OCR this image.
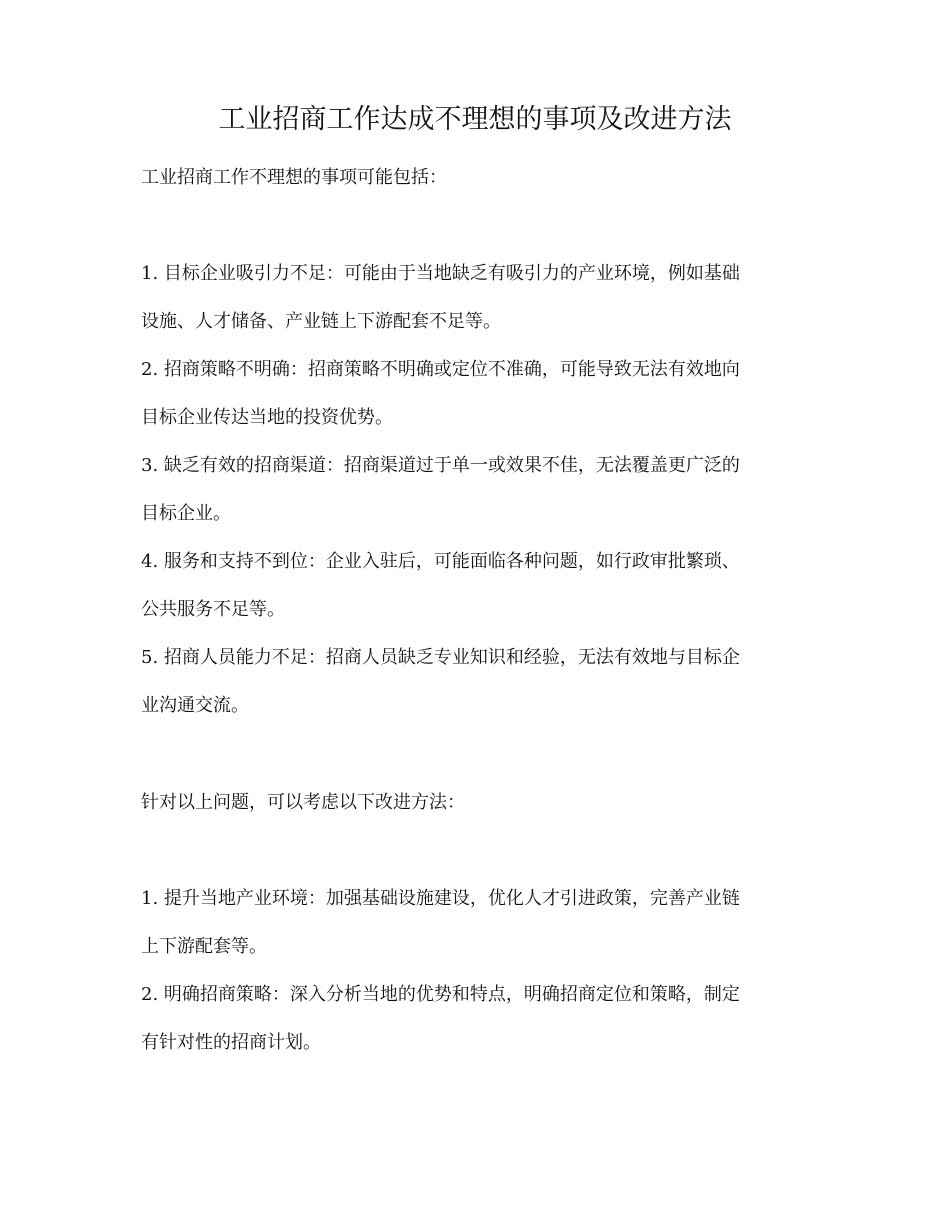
工业招商工作达成不理想的事项及改进方法
工业招商工作不理想的事项可能包括：
1. 目标企业吸引力不足：可能由于当地缺乏有吸引力的产业环境，例如基础
设施、人才储备、产业链上下游配套不足等。
2. 招商策略不明确：招商策略不明确或定位不准确，可能导致无法有效地向
目标企业传达当地的投资优势。
3. 缺乏有效的招商渠道：招商渠道过于单一或效果不佳，无法覆盖更广泛的
目标企业。
4. 服务和支持不到位：企业入驻后，可能面临各种问题，如行政审批繁琐、
公共服务不足等。
5. 招商人员能力不足：招商人员缺乏专业知识和经验，无法有效地与目标企
业沟通交流。
针对以上问题，可以考虑以下改进方法：
1. 提升当地产业环境：加强基础设施建设，优化人才引进政策，完善产业链
上下游配套等。
2. 明确招商策略：深入分析当地的优势和特点，明确招商定位和策略，制定
有针对性的招商计划。
